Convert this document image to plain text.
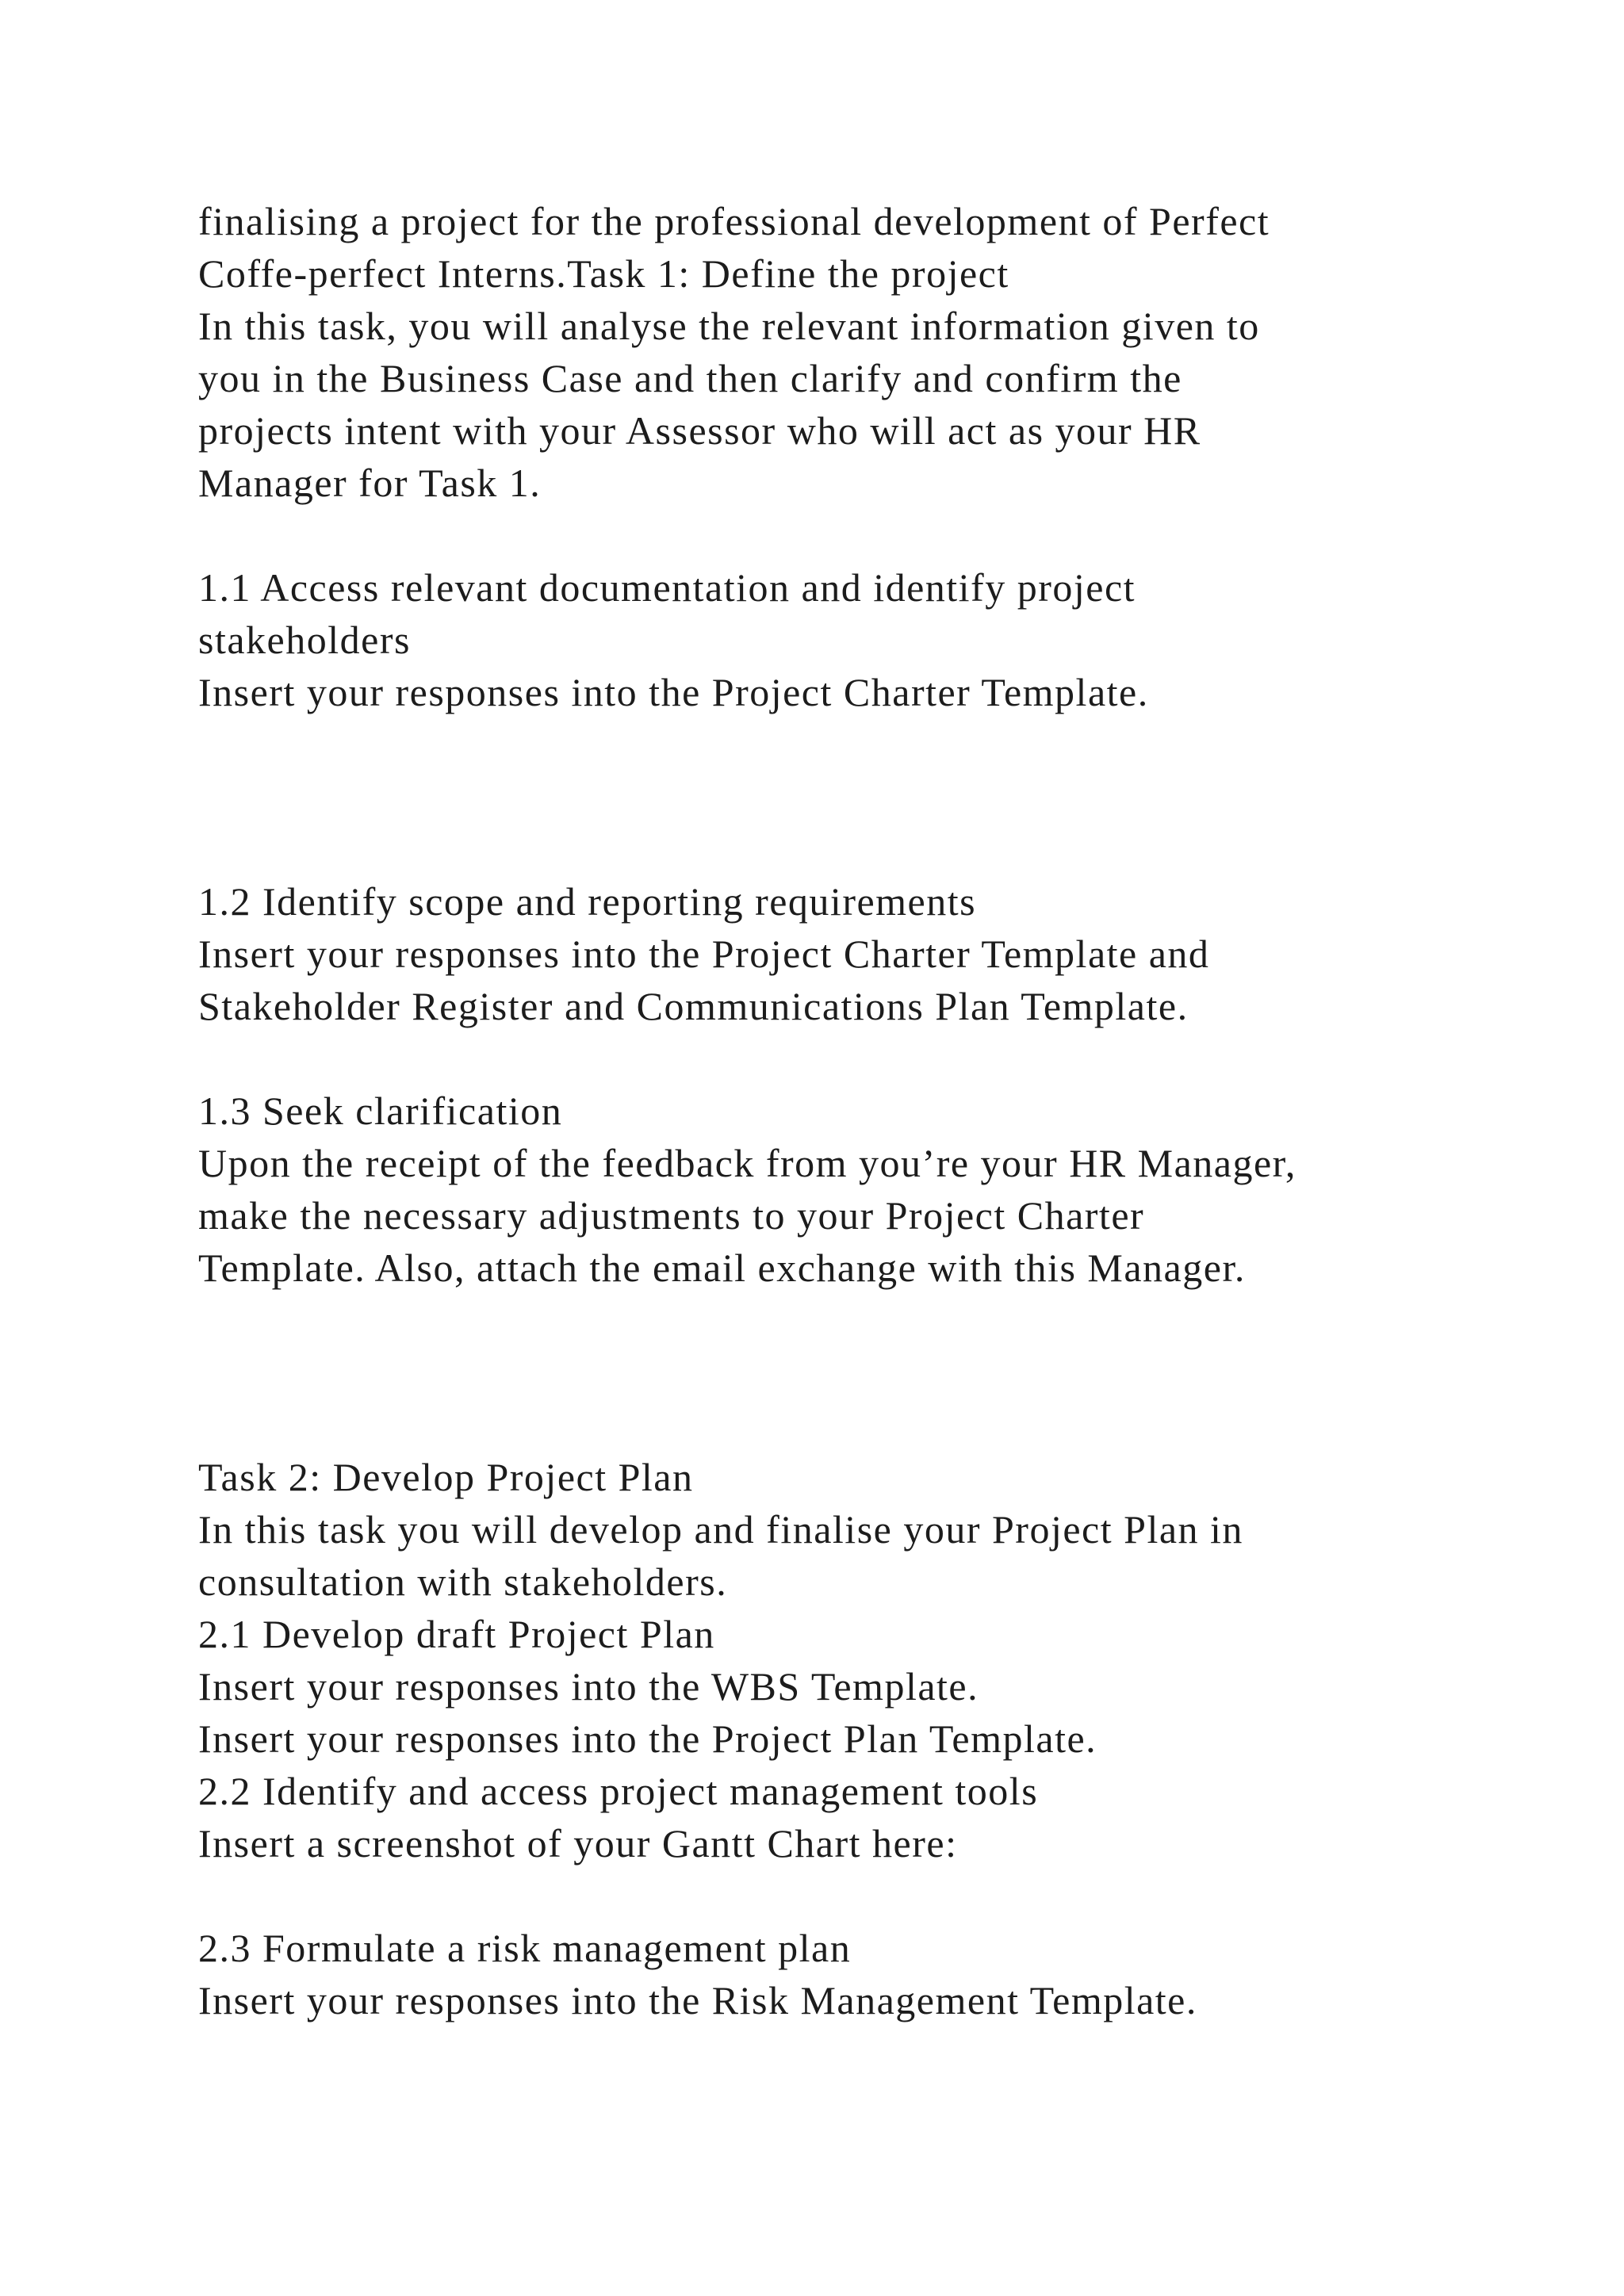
finalising a project for the professional development of Perfect
Coffe-perfect Interns.Task 1: Define the project
In this task, you will analyse the relevant information given to
you in the Business Case and then clarify and confirm the
projects intent with your Assessor who will act as your HR
Manager for Task 1.
1.1 Access relevant documentation and identify project
stakeholders
Insert your responses into the Project Charter Template.
1.2 Identify scope and reporting requirements
Insert your responses into the Project Charter Template and
Stakeholder Register and Communications Plan Template.
1.3 Seek clarification
Upon the receipt of the feedback from you’re your HR Manager,
make the necessary adjustments to your Project Charter
Template. Also, attach the email exchange with this Manager.
Task 2: Develop Project Plan
In this task you will develop and finalise your Project Plan in
consultation with stakeholders.
2.1 Develop draft Project Plan
Insert your responses into the WBS Template.
Insert your responses into the Project Plan Template.
2.2 Identify and access project management tools
Insert a screenshot of your Gantt Chart here:
2.3 Formulate a risk management plan
Insert your responses into the Risk Management Template.
